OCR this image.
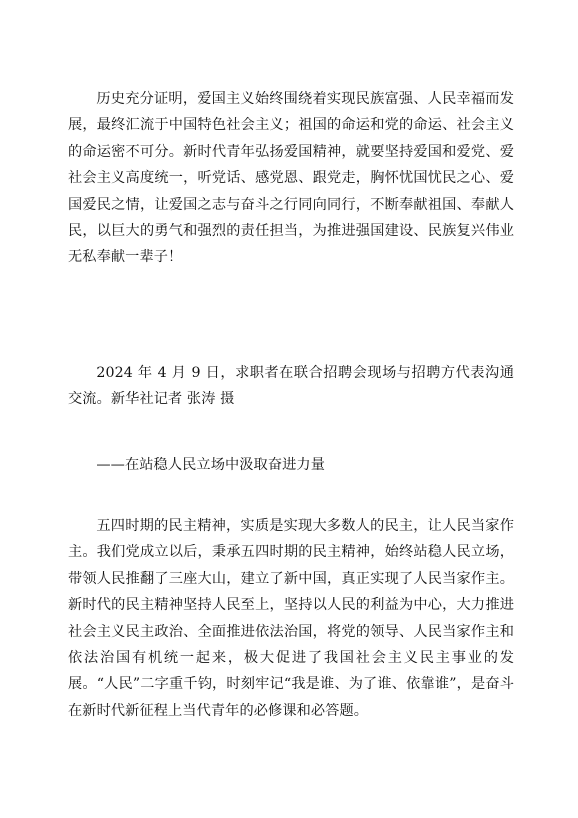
历史充分证明，爱国主义始终围绕着实现民族富强、人民幸福而发展，最终汇流于中国特色社会主义；祖国的命运和党的命运、社会主义的命运密不可分。新时代青年弘扬爱国精神，就要坚持爱国和爱党、爱社会主义高度统一，听党话、感党恩、跟党走，胸怀忧国忧民之心、爱国爱民之情，让爱国之志与奋斗之行同向同行，不断奉献祖国、奉献人民，以巨大的勇气和强烈的责任担当，为推进强国建设、民族复兴伟业无私奉献一辈子！

2024 年 4 月 9 日，求职者在联合招聘会现场与招聘方代表沟通交流。新华社记者 张涛 摄

——在站稳人民立场中汲取奋进力量

五四时期的民主精神，实质是实现大多数人的民主，让人民当家作主。我们党成立以后，秉承五四时期的民主精神，始终站稳人民立场，带领人民推翻了三座大山，建立了新中国，真正实现了人民当家作主。新时代的民主精神坚持人民至上，坚持以人民的利益为中心，大力推进社会主义民主政治、全面推进依法治国，将党的领导、人民当家作主和依法治国有机统一起来，极大促进了我国社会主义民主事业的发展。“人民”二字重千钧，时刻牢记“我是谁、为了谁、依靠谁”，是奋斗在新时代新征程上当代青年的必修课和必答题。
